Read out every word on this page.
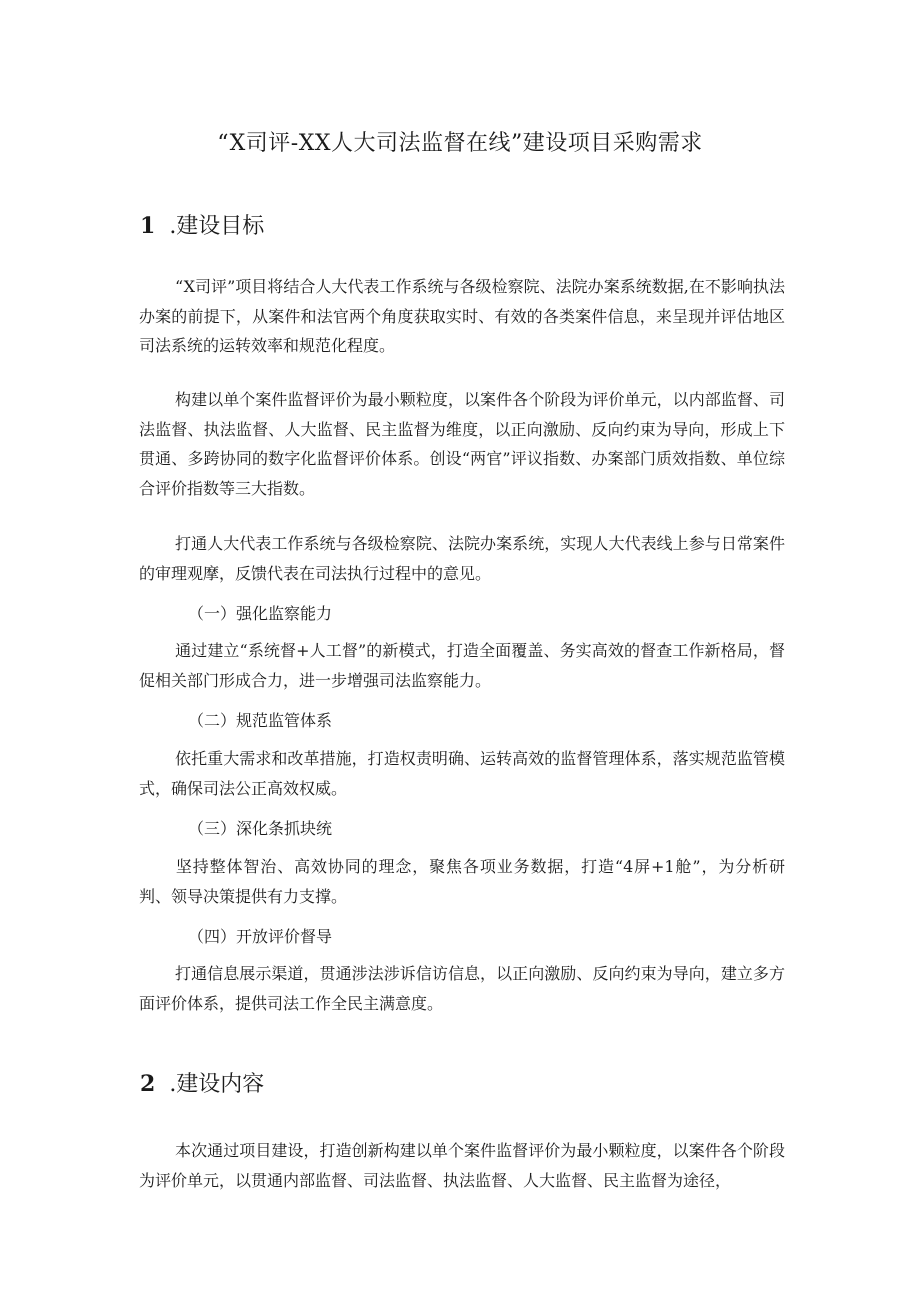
“X司评-XX人大司法监督在线”建设项目采购需求
1 .建设目标

“X司评”项目将结合人大代表工作系统与各级检察院、法院办案系统数据,在不影响执法办案的前提下，从案件和法官两个角度获取实时、有效的各类案件信息，来呈现并评估地区司法系统的运转效率和规范化程度。

构建以单个案件监督评价为最小颗粒度，以案件各个阶段为评价单元，以内部监督、司法监督、执法监督、人大监督、民主监督为维度，以正向激励、反向约束为导向，形成上下贯通、多跨协同的数字化监督评价体系。创设“两官”评议指数、办案部门质效指数、单位综合评价指数等三大指数。

打通人大代表工作系统与各级检察院、法院办案系统，实现人大代表线上参与日常案件的审理观摩，反馈代表在司法执行过程中的意见。

（一）强化监察能力

通过建立“系统督+人工督”的新模式，打造全面覆盖、务实高效的督查工作新格局，督促相关部门形成合力，进一步增强司法监察能力。

（二）规范监管体系

依托重大需求和改革措施，打造权责明确、运转高效的监督管理体系，落实规范监管模式，确保司法公正高效权威。

（三）深化条抓块统

坚持整体智治、高效协同的理念，聚焦各项业务数据，打造“4屏+1舱”，为分析研判、领导决策提供有力支撑。

（四）开放评价督导

打通信息展示渠道，贯通涉法涉诉信访信息，以正向激励、反向约束为导向，建立多方面评价体系，提供司法工作全民主满意度。

2 .建设内容

本次通过项目建设，打造创新构建以单个案件监督评价为最小颗粒度，以案件各个阶段为评价单元，以贯通内部监督、司法监督、执法监督、人大监督、民主监督为途径，
